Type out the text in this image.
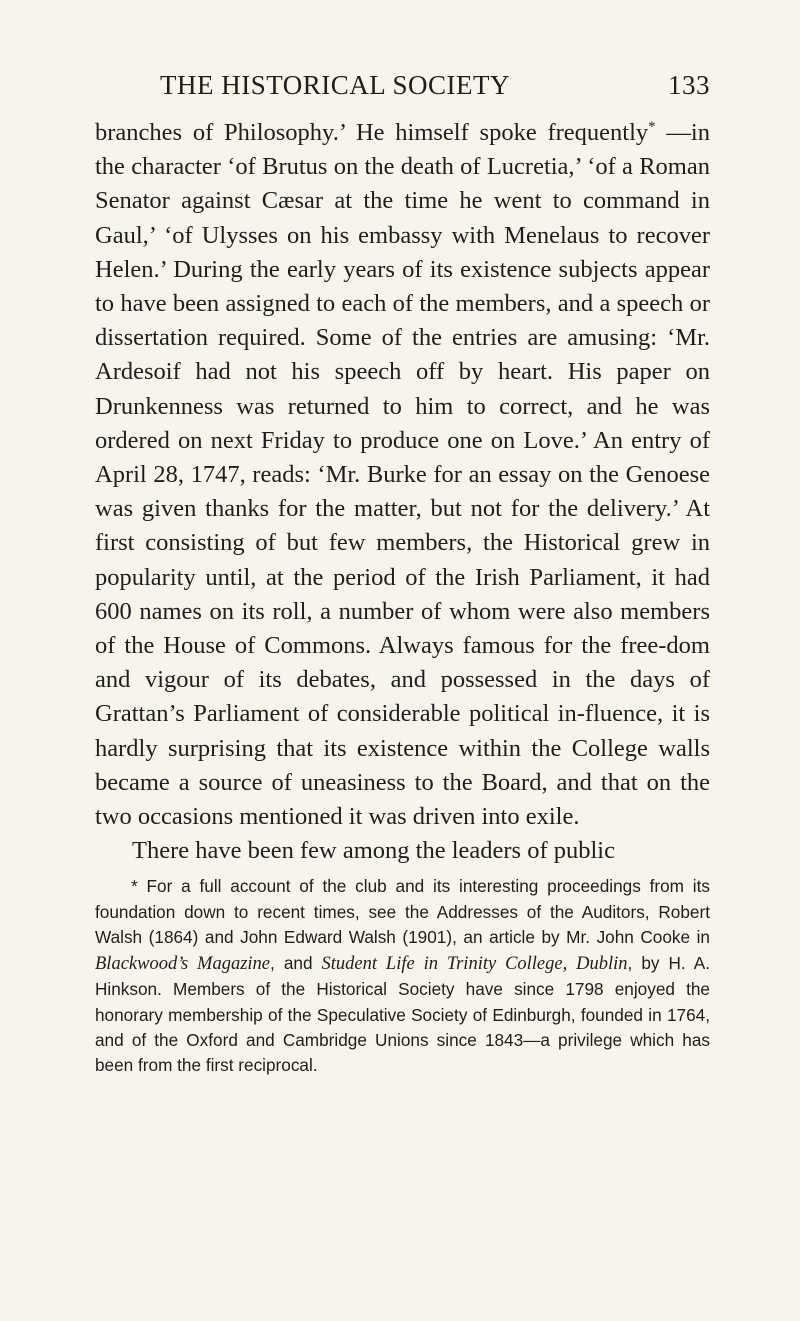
THE HISTORICAL SOCIETY	133

branches of Philosophy.’ He himself spoke frequently* —in the character ‘of Brutus on the death of Lucretia,’ ‘of a Roman Senator against Cæsar at the time he went to command in Gaul,’ ‘of Ulysses on his embassy with Menelaus to recover Helen.’ During the early years of its existence subjects appear to have been assigned to each of the members, and a speech or dissertation required. Some of the entries are amusing: ‘Mr. Ardesoif had not his speech off by heart. His paper on Drunkenness was returned to him to correct, and he was ordered on next Friday to produce one on Love.’ An entry of April 28, 1747, reads: ‘Mr. Burke for an essay on the Genoese was given thanks for the matter, but not for the delivery.’ At first consisting of but few members, the Historical grew in popularity until, at the period of the Irish Parliament, it had 600 names on its roll, a number of whom were also members of the House of Commons. Always famous for the free-dom and vigour of its debates, and possessed in the days of Grattan’s Parliament of considerable political in-fluence, it is hardly surprising that its existence within the College walls became a source of uneasiness to the Board, and that on the two occasions mentioned it was driven into exile.

There have been few among the leaders of public

* For a full account of the club and its interesting proceedings from its foundation down to recent times, see the Addresses of the Auditors, Robert Walsh (1864) and John Edward Walsh (1901), an article by Mr. John Cooke in Blackwood’s Magazine, and Student Life in Trinity College, Dublin, by H. A. Hinkson. Members of the Historical Society have since 1798 enjoyed the honorary membership of the Speculative Society of Edinburgh, founded in 1764, and of the Oxford and Cambridge Unions since 1843—a privilege which has been from the first reciprocal.
